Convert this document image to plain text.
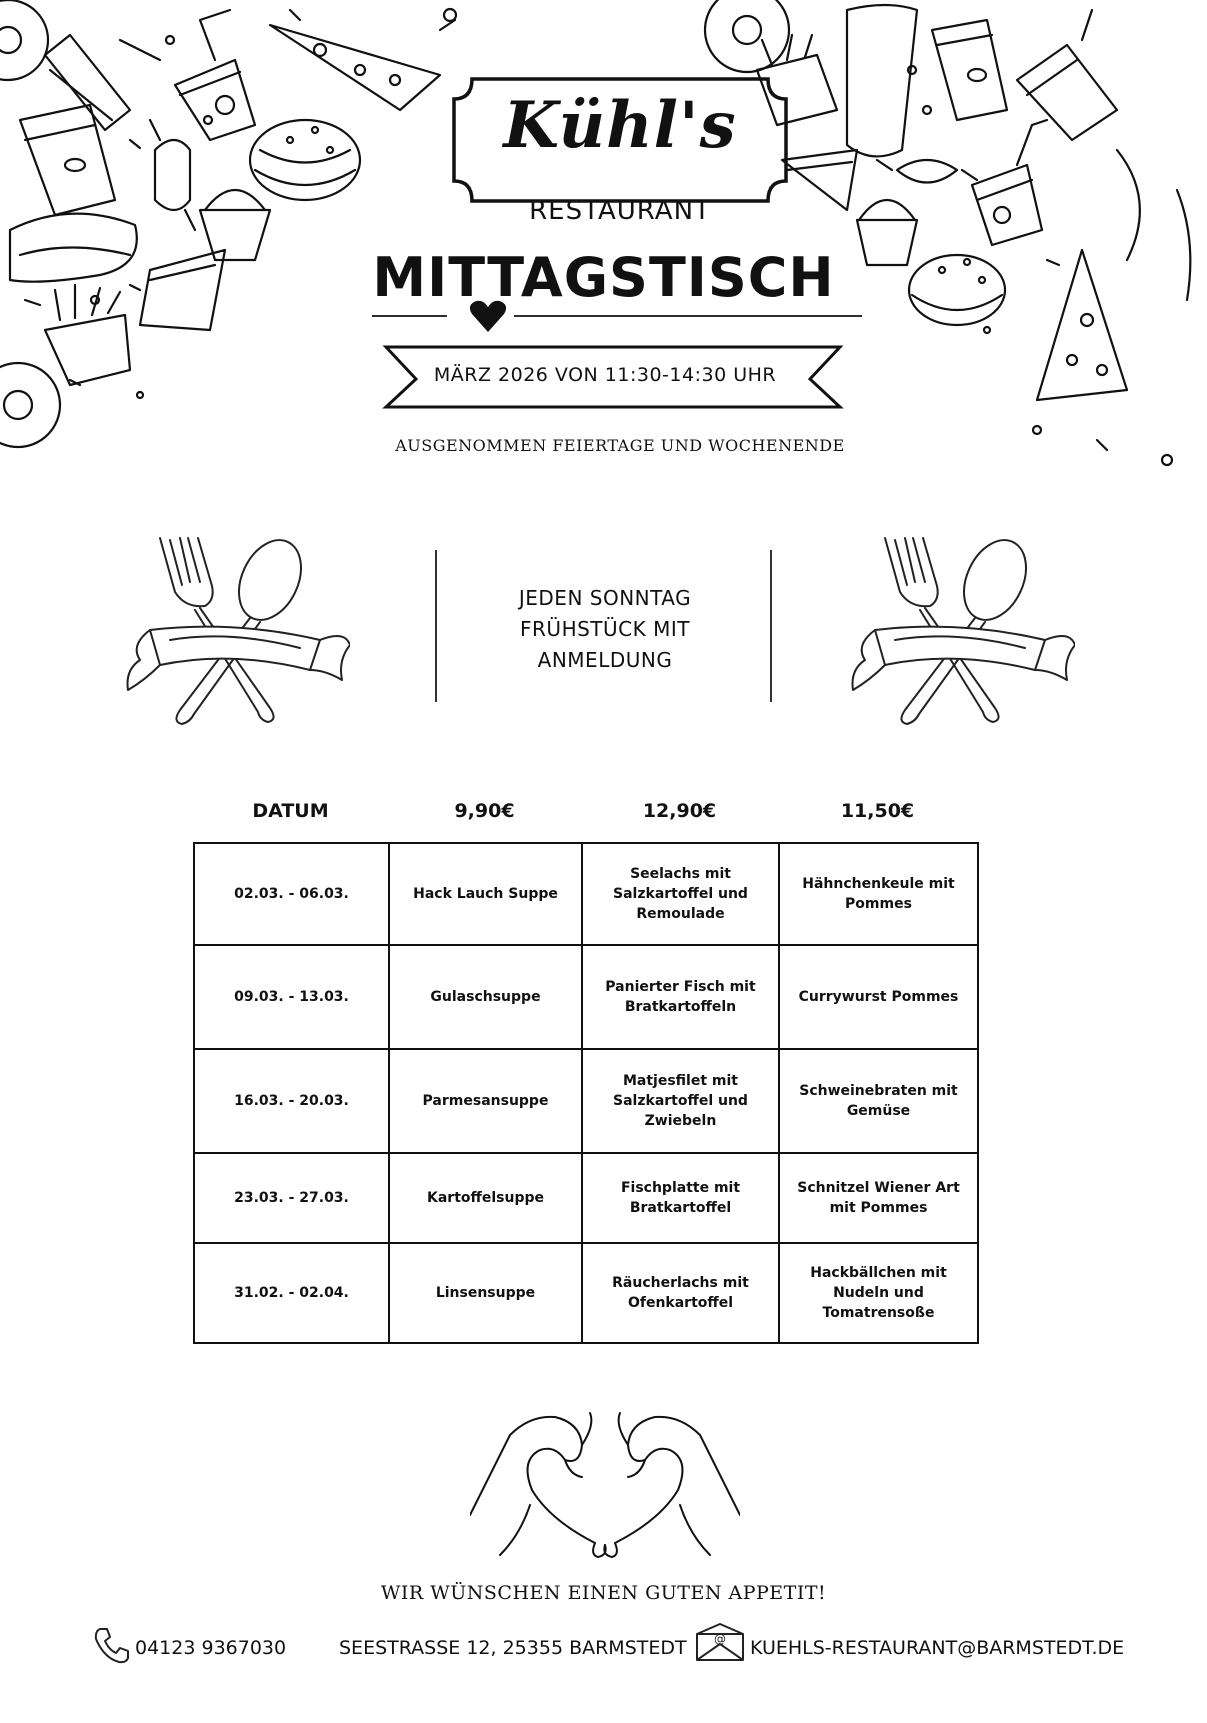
Kühl's
RESTAURANT
MITTAGSTISCH
MÄRZ 2026 VON 11:30-14:30 UHR
AUSGENOMMEN FEIERTAGE UND WOCHENENDE
JEDEN SONNTAG
FRÜHSTÜCK MIT
ANMELDUNG
DATUM	9,90€	12,90€	11,50€
02.03. - 06.03.	Hack Lauch Suppe	Seelachs mit Salzkartoffel und Remoulade	Hähnchenkeule mit Pommes
09.03. - 13.03.	Gulaschsuppe	Panierter Fisch mit Bratkartoffeln	Currywurst Pommes
16.03. - 20.03.	Parmesansuppe	Matjesfilet mit Salzkartoffel und Zwiebeln	Schweinebraten mit Gemüse
23.03. - 27.03.	Kartoffelsuppe	Fischplatte mit Bratkartoffel	Schnitzel Wiener Art mit Pommes
31.02. - 02.04.	Linsensuppe	Räucherlachs mit Ofenkartoffel	Hackbällchen mit Nudeln und Tomatrensoße
WIR WÜNSCHEN EINEN GUTEN APPETIT!
04123 9367030	SEESTRASSE 12, 25355 BARMSTEDT @ KUEHLS-RESTAURANT@BARMSTEDT.DE
